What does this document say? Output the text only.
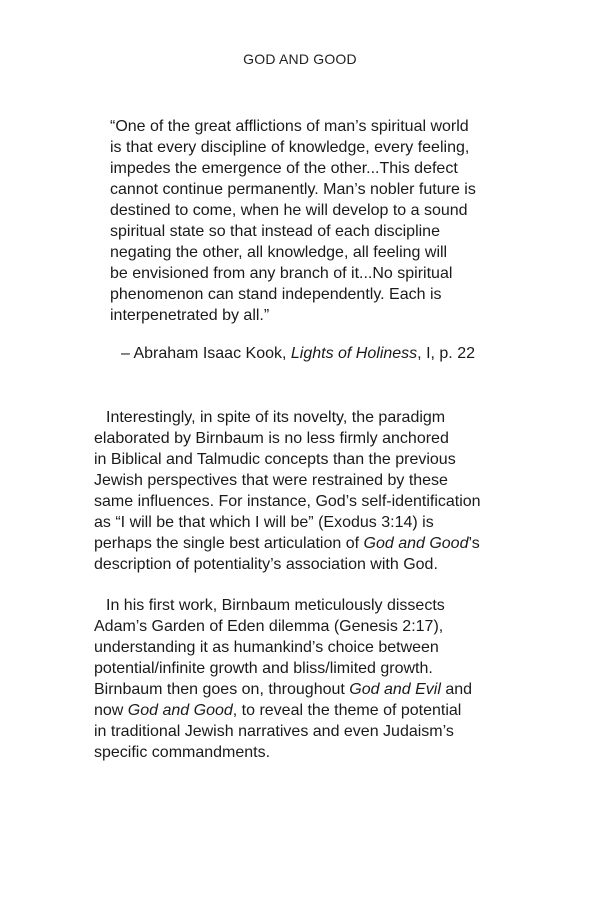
GOD AND GOOD
“One of the great afflictions of man’s spiritual world
is that every discipline of knowledge, every feeling,
impedes the emergence of the other...This defect
cannot continue permanently. Man’s nobler future is
destined to come, when he will develop to a sound
spiritual state so that instead of each discipline
negating the other, all knowledge, all feeling will
be envisioned from any branch of it...No spiritual
phenomenon can stand independently. Each is
interpenetrated by all.”
– Abraham Isaac Kook, Lights of Holiness, I, p. 22
Interestingly, in spite of its novelty, the paradigm
elaborated by Birnbaum is no less firmly anchored
in Biblical and Talmudic concepts than the previous
Jewish perspectives that were restrained by these
same influences. For instance, God’s self-identification
as “I will be that which I will be” (Exodus 3:14) is
perhaps the single best articulation of God and Good’s
description of potentiality’s association with God.
In his first work, Birnbaum meticulously dissects
Adam’s Garden of Eden dilemma (Genesis 2:17),
understanding it as humankind’s choice between
potential/infinite growth and bliss/limited growth.
Birnbaum then goes on, throughout God and Evil and
now God and Good, to reveal the theme of potential
in traditional Jewish narratives and even Judaism’s
specific commandments.
